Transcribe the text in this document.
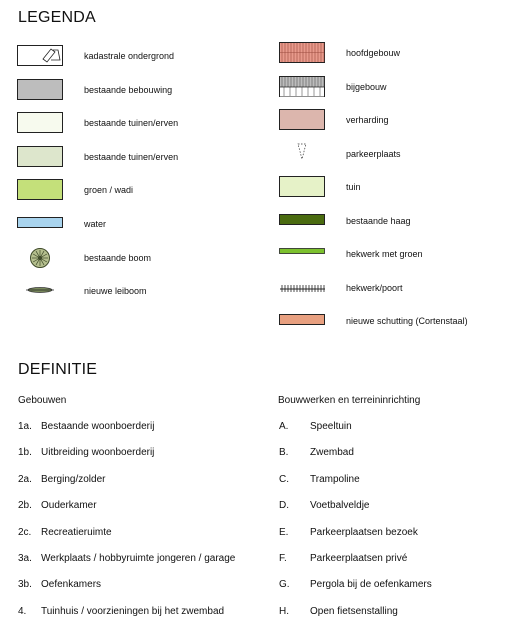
LEGENDA
kadastrale ondergrond
bestaande bebouwing
bestaande tuinen/erven
bestaande tuinen/erven
groen / wadi
water
bestaande boom
nieuwe leiboom
hoofdgebouw
bijgebouw
verharding
parkeerplaats
tuin
bestaande haag
hekwerk met groen
hekwerk/poort
nieuwe schutting (Cortenstaal)
DEFINITIE
Gebouwen	Bouwwerken en terreininrichting
1a. Bestaande woonboerderij
1b. Uitbreiding woonboerderij
2a. Berging/zolder
2b. Ouderkamer
2c. Recreatieruimte
3a. Werkplaats / hobbyruimte jongeren / garage
3b. Oefenkamers
4. Tuinhuis / voorzieningen bij het zwembad
A. Speeltuin
B. Zwembad
C. Trampoline
D. Voetbalveldje
E. Parkeerplaatsen bezoek
F. Parkeerplaatsen privé
G. Pergola bij de oefenkamers
H. Open fietsenstalling
